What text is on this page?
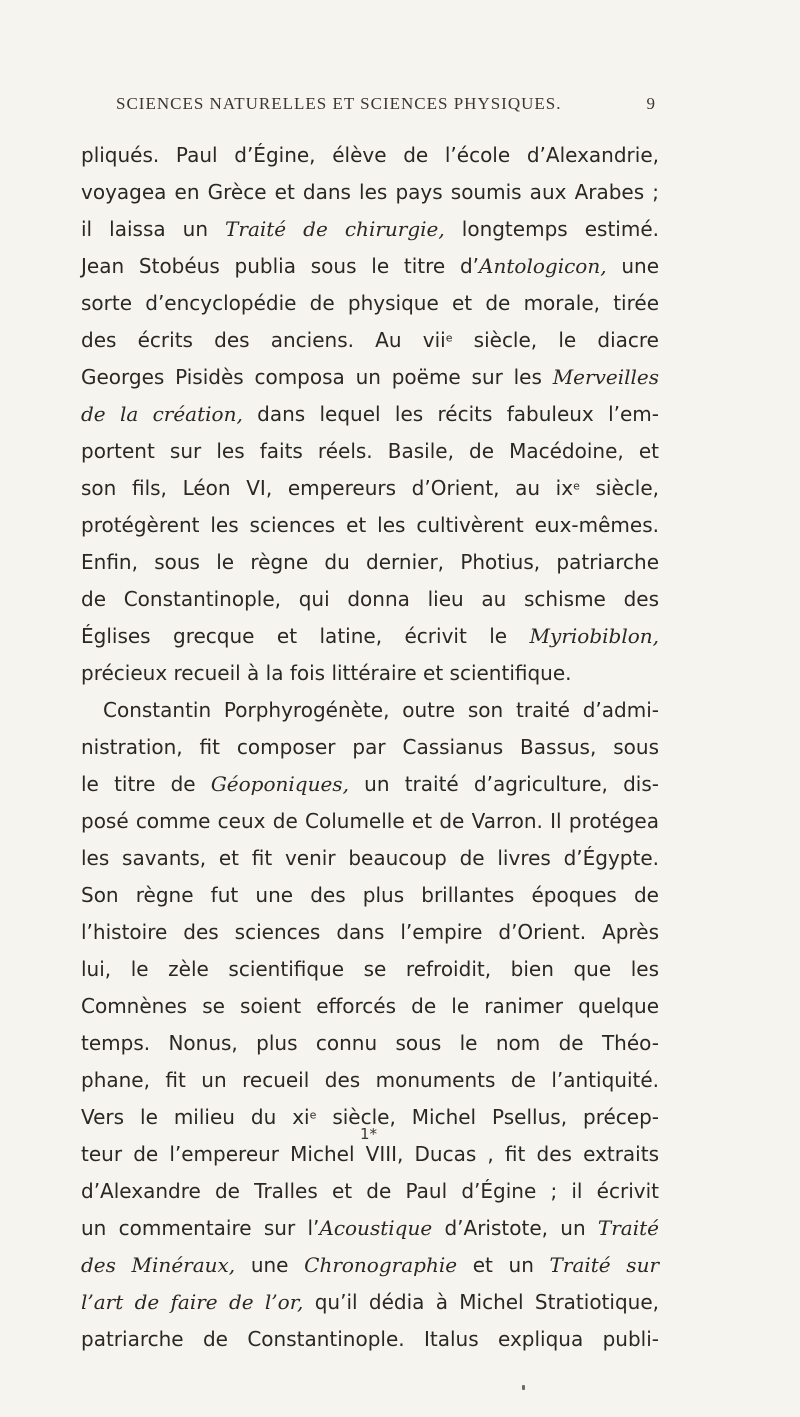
SCIENCES NATURELLES ET SCIENCES PHYSIQUES.	9
pliqués. Paul d’Égine, élève de l’école d’Alexandrie,
voyagea en Grèce et dans les pays soumis aux Arabes ;
il laissa un Traité de chirurgie, longtemps estimé.
Jean Stobéus publia sous le titre d’Antologicon, une
sorte d’encyclopédie de physique et de morale, tirée
des écrits des anciens. Au vii$^e$ siècle, le diacre
Georges Pisidès composa un poëme sur les Merveilles
de la création, dans lequel les récits fabuleux l’em-
portent sur les faits réels. Basile, de Macédoine, et
son fils, Léon VI, empereurs d’Orient, au $ix^e$ siècle,
protégèrent les sciences et les cultivèrent eux-mêmes.
Enfin, sous le règne du dernier, Photius, patriarche
de Constantinople, qui donna lieu au schisme des
Églises grecque et latine, écrivit le Myriobiblon,
précieux recueil à la fois littéraire et scientifique.
Constantin Porphyrogénète, outre son traité d’admi-
nistration, fit composer par Cassianus Bassus, sous
le titre de Géoponiques, un traité d’agriculture, dis-
posé comme ceux de Columelle et de Varron. Il protégea
les savants, et fit venir beaucoup de livres d’Égypte.
Son règne fut une des plus brillantes époques de
l’histoire des sciences dans l’empire d’Orient. Après
lui, le zèle scientifique se refroidit, bien que les
Comnènes se soient efforcés de le ranimer quelque
temps. Nonus, plus connu sous le nom de Théo-
phane, fit un recueil des monuments de l’antiquité.
Vers le milieu du $xi^e$ siècle, Michel Psellus, précep-
teur de l’empereur Michel VIII, Ducas , fit des extraits
d’Alexandre de Tralles et de Paul d’Égine ; il écrivit
un commentaire sur l’Acoustique d’Aristote, un Traité
des Minéraux, une Chronographie et un Traité sur
l’art de faire de l’or, qu’il dédia à Michel Stratiotique,
patriarche de Constantinople. Italus expliqua publi-
1*
